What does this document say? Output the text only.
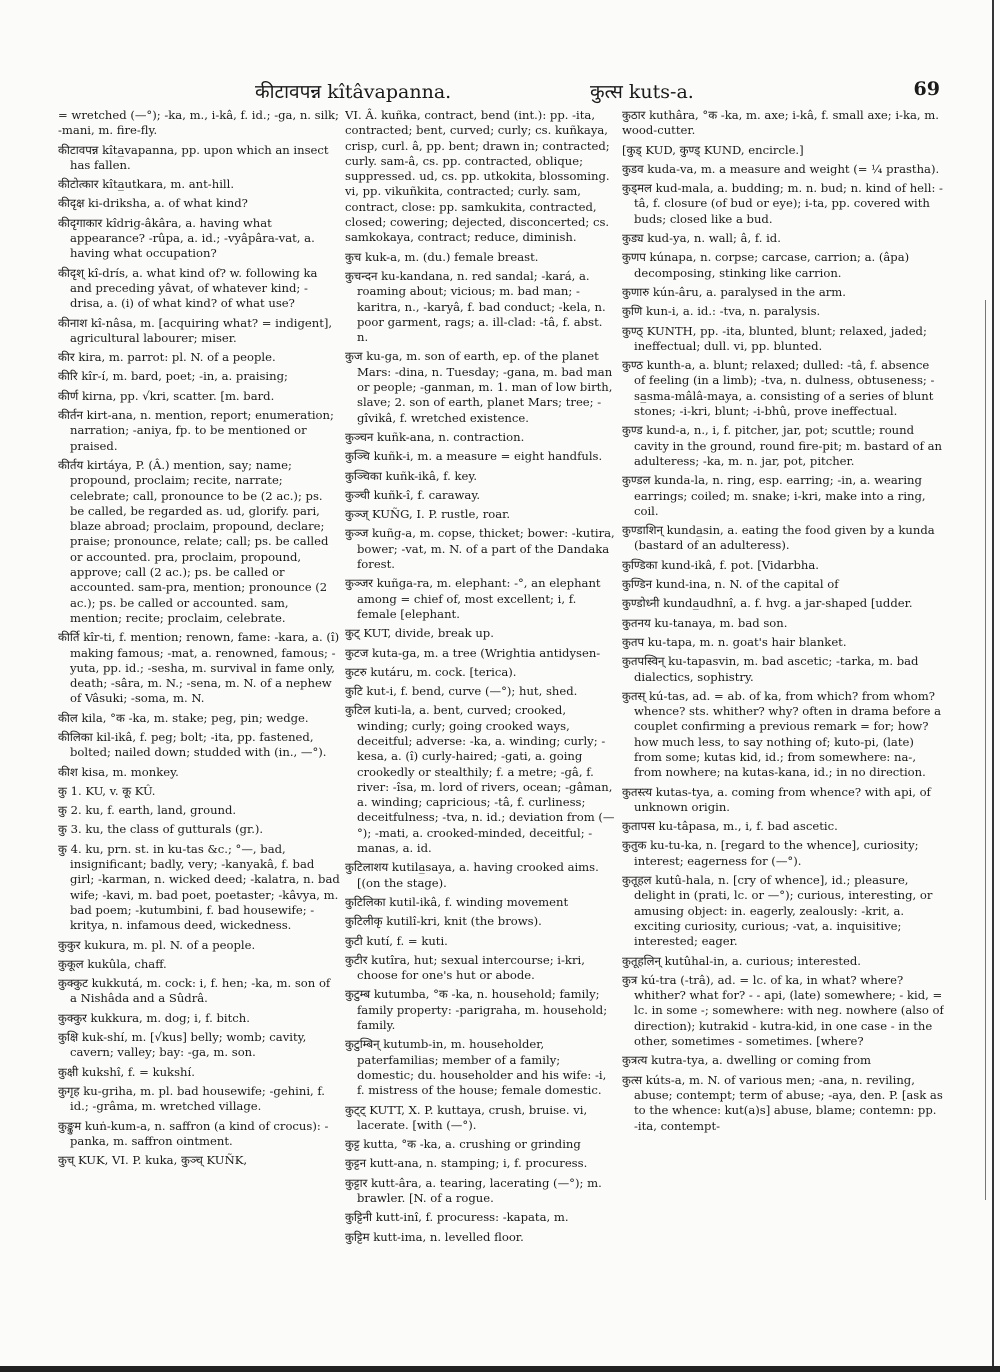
कीटावपन्न kîtâvapanna.	कुत्स kuts-a.	69
= wretched (—°); -ka, m., i-kâ, f. id.; -ga, n. silk; -mani, m. fire-fly.
कीटावपन्न kîta̲vapanna, pp. upon which an insect has fallen.
कीटोत्कार kîta̲utkara, m. ant-hill.
कीदृक्ष ki-driksha, a. of what kind?
कीदृगाकार kîdrig-âkâra, a. having what appearance? -rûpa, a. id.; -vyâpâra-vat, a. having what occupation?
कीदृश् kî-drís, a. what kind of? w. following ka and preceding yâvat, of whatever kind; -drisa, a. (i) of what kind? of what use?
कीनाश kî-nâsa, m. [acquiring what? = indigent], agricultural labourer; miser.
कीर kira, m. parrot: pl. N. of a people.
कीरि kîr-í, m. bard, poet; -in, a. praising;
कीर्ण kirna, pp. √kri, scatter. [m. bard.
कीर्तन kirt-ana, n. mention, report; enumeration; narration; -aniya, fp. to be mentioned or praised.
कीर्तय kirtáya, P. (Â.) mention, say; name; propound, proclaim; recite, narrate; celebrate; call, pronounce to be (2 ac.); ps. be called, be regarded as. ud, glorify. pari, blaze abroad; proclaim, propound, declare; praise; pronounce, relate; call; ps. be called or accounted. pra, proclaim, propound, approve; call (2 ac.); ps. be called or accounted. sam-pra, mention; pronounce (2 ac.); ps. be called or accounted. sam, mention; recite; proclaim, celebrate.
कीर्ति kîr-ti, f. mention; renown, fame: -kara, a. (î) making famous; -mat, a. renowned, famous; -yuta, pp. id.; -sesha, m. survival in fame only, death; -sâra, m. N.; -sena, m. N. of a nephew of Vâsuki; -soma, m. N.
कील kila, °क -ka, m. stake; peg, pin; wedge.
कीलिका kil-ikâ, f. peg; bolt; -ita, pp. fastened, bolted; nailed down; studded with (in., —°).
कीश kisa, m. monkey.
कु 1. KU, v. कू KÛ.
कु 2. ku, f. earth, land, ground.
कु 3. ku, the class of gutturals (gr.).
कु 4. ku, prn. st. in ku-tas &c.; °—, bad, insignificant; badly, very; -kanyakâ, f. bad girl; -karman, n. wicked deed; -kalatra, n. bad wife; -kavi, m. bad poet, poetaster; -kâvya, m. bad poem; -kutumbini, f. bad housewife; -kritya, n. infamous deed, wickedness.
कुकुर kukura, m. pl. N. of a people.
कुकूल kukûla, chaff.
कुक्कुट kukkutá, m. cock: i, f. hen; -ka, m. son of a Nishâda and a Sûdrâ.
कुक्कुर kukkura, m. dog; i, f. bitch.
कुक्षि kuk-shí, m. [√kus] belly; womb; cavity, cavern; valley; bay: -ga, m. son.
कुक्षी kukshî, f. = kukshí.
कुगृह ku-griha, m. pl. bad housewife; -gehini, f. id.; -grâma, m. wretched village.
कुङ्कुम kuṅ-kum-a, n. saffron (a kind of crocus): -panka, m. saffron ointment.
कुच् KUK, VI. P. kuka, कुञ्च् KUÑK,
VI. Â. kuñka, contract, bend (int.): pp. -ita, contracted; bent, curved; curly; cs. kuñkaya, crisp, curl. â, pp. bent; drawn in; contracted; curly. sam-â, cs. pp. contracted, oblique; suppressed. ud, cs. pp. utkokita, blossoming. vi, pp. vikuñkita, contracted; curly. sam, contract, close: pp. samkukita, contracted, closed; cowering; dejected, disconcerted; cs. samkokaya, contract; reduce, diminish.
कुच kuk-a, m. (du.) female breast.
कुचन्दन ku-kandana, n. red sandal; -kará, a. roaming about; vicious; m. bad man; -karitra, n., -karyâ, f. bad conduct; -kela, n. poor garment, rags; a. ill-clad: -tâ, f. abst. n.
कुज ku-ga, m. son of earth, ep. of the planet Mars: -dina, n. Tuesday; -gana, m. bad man or people; -ganman, m. 1. man of low birth, slave; 2. son of earth, planet Mars; tree; -gîvikâ, f. wretched existence.
कुञ्चन kuñk-ana, n. contraction.
कुञ्चि kuñk-i, m. a measure = eight handfuls.
कुञ्चिका kuñk-ikâ, f. key.
कुञ्ची kuñk-î, f. caraway.
कुञ्ज् KUÑG, I. P. rustle, roar.
कुञ्ज kuñg-a, m. copse, thicket; bower: -kutira, bower; -vat, m. N. of a part of the Dandaka forest.
कुञ्जर kuñga-ra, m. elephant: -°, an elephant among = chief of, most excellent; i, f. female [elephant.
कुट् KUT, divide, break up.
कुटज kuta-ga, m. a tree (Wrightia antidysen-
कुटरु kutáru, m. cock. [terica).
कुटि kut-i, f. bend, curve (—°); hut, shed.
कुटिल kuti-la, a. bent, curved; crooked, winding; curly; going crooked ways, deceitful; adverse: -ka, a. winding; curly; -kesa, a. (î) curly-haired; -gati, a. going crookedly or stealthily; f. a metre; -gâ, f. river: -îsa, m. lord of rivers, ocean; -gâman, a. winding; capricious; -tâ, f. curliness; deceitfulness; -tva, n. id.; deviation from (—°); -mati, a. crooked-minded, deceitful; -manas, a. id.
कुटिलाशय kutila̲saya, a. having crooked aims. [(on the stage).
कुटिलिका kutil-ikâ, f. winding movement
कुटिलीकृ kutilî-kri, knit (the brows).
कुटी kutí, f. = kuti.
कुटीर kutîra, hut; sexual intercourse; i-kri, choose for one's hut or abode.
कुटुम्ब kutumba, °क -ka, n. household; family; family property: -parigraha, m. household; family.
कुटुम्बिन् kutumb-in, m. householder, paterfamilias; member of a family; domestic; du. householder and his wife: -i, f. mistress of the house; female domestic.
कुट्ट् KUTT, X. P. kuttaya, crush, bruise. vi, lacerate. [with (—°).
कुट्ट kutta, °क -ka, a. crushing or grinding
कुट्टन kutt-ana, n. stamping; i, f. procuress.
कुट्टार kutt-âra, a. tearing, lacerating (—°); m. brawler. [N. of a rogue.
कुट्टिनी kutt-inî, f. procuress: -kapata, m.
कुट्टिम kutt-ima, n. levelled floor.
कुठार kuthâra, °क -ka, m. axe; i-kâ, f. small axe; i-ka, m. wood-cutter.
[कुड् KUD, कुण्ड् KUND, encircle.]
कुडव kuda-va, m. a measure and weight (= ¼ prastha).
कुड्मल kud-mala, a. budding; m. n. bud; n. kind of hell: -tâ, f. closure (of bud or eye); i-ta, pp. covered with buds; closed like a bud.
कुड्य kud-ya, n. wall; â, f. id.
कुणप kúnapa, n. corpse; carcase, carrion; a. (âpa) decomposing, stinking like carrion.
कुणारु kún-âru, a. paralysed in the arm.
कुणि kun-i, a. id.: -tva, n. paralysis.
कुण्ठ् KUNTH, pp. -ita, blunted, blunt; relaxed, jaded; ineffectual; dull. vi, pp. blunted.
कुण्ठ kunth-a, a. blunt; relaxed; dulled: -tâ, f. absence of feeling (in a limb); -tva, n. dulness, obtuseness; -sa̲sma-mâlâ-maya, a. consisting of a series of blunt stones; -i-kri, blunt; -i-bhû, prove ineffectual.
कुण्ड kund-a, n., i, f. pitcher, jar, pot; scuttle; round cavity in the ground, round fire-pit; m. bastard of an adulteress; -ka, m. n. jar, pot, pitcher.
कुण्डल kunda-la, n. ring, esp. earring; -in, a. wearing earrings; coiled; m. snake; i-kri, make into a ring, coil.
कुण्डाशिन् kunda̲sin, a. eating the food given by a kunda (bastard of an adulteress).
कुण्डिका kund-ikâ, f. pot. [Vidarbha.
कुण्डिन kund-ina, n. N. of the capital of
कुण्डोध्नी kunda̲udhnî, a. f. hvg. a jar-shaped [udder.
कुतनय ku-tanaya, m. bad son.
कुतप ku-tapa, m. n. goat's hair blanket.
कुतपस्विन् ku-tapasvin, m. bad ascetic; -tarka, m. bad dialectics, sophistry.
कुतस् kú-tas, ad. = ab. of ka, from which? from whom? whence? sts. whither? why? often in drama before a couplet confirming a previous remark = for; how? how much less, to say nothing of; kuto-pi, (late) from some; kutas kid, id.; from somewhere: na-, from nowhere; na kutas-kana, id.; in no direction.
कुतस्त्य kutas-tya, a. coming from whence? with api, of unknown origin.
कुतापस ku-tâpasa, m., i, f. bad ascetic.
कुतुक ku-tu-ka, n. [regard to the whence], curiosity; interest; eagerness for (—°).
कुतूहल kutû-hala, n. [cry of whence], id.; pleasure, delight in (prati, lc. or —°); curious, interesting, or amusing object: in. eagerly, zealously: -krit, a. exciting curiosity, curious; -vat, a. inquisitive; interested; eager.
कुतूहलिन् kutûhal-in, a. curious; interested.
कुत्र kú-tra (-trâ), ad. = lc. of ka, in what? where? whither? what for? - - api, (late) somewhere; - kid, = lc. in some -; somewhere: with neg. nowhere (also of direction); kutrakid - kutra-kid, in one case - in the other, sometimes - sometimes. [where?
कुत्रत्य kutra-tya, a. dwelling or coming from
कुत्स kúts-a, m. N. of various men; -ana, n. reviling, abuse; contempt; term of abuse; -aya, den. P. [ask as to the whence: kut(a)s] abuse, blame; contemn: pp. -ita, contempt-
